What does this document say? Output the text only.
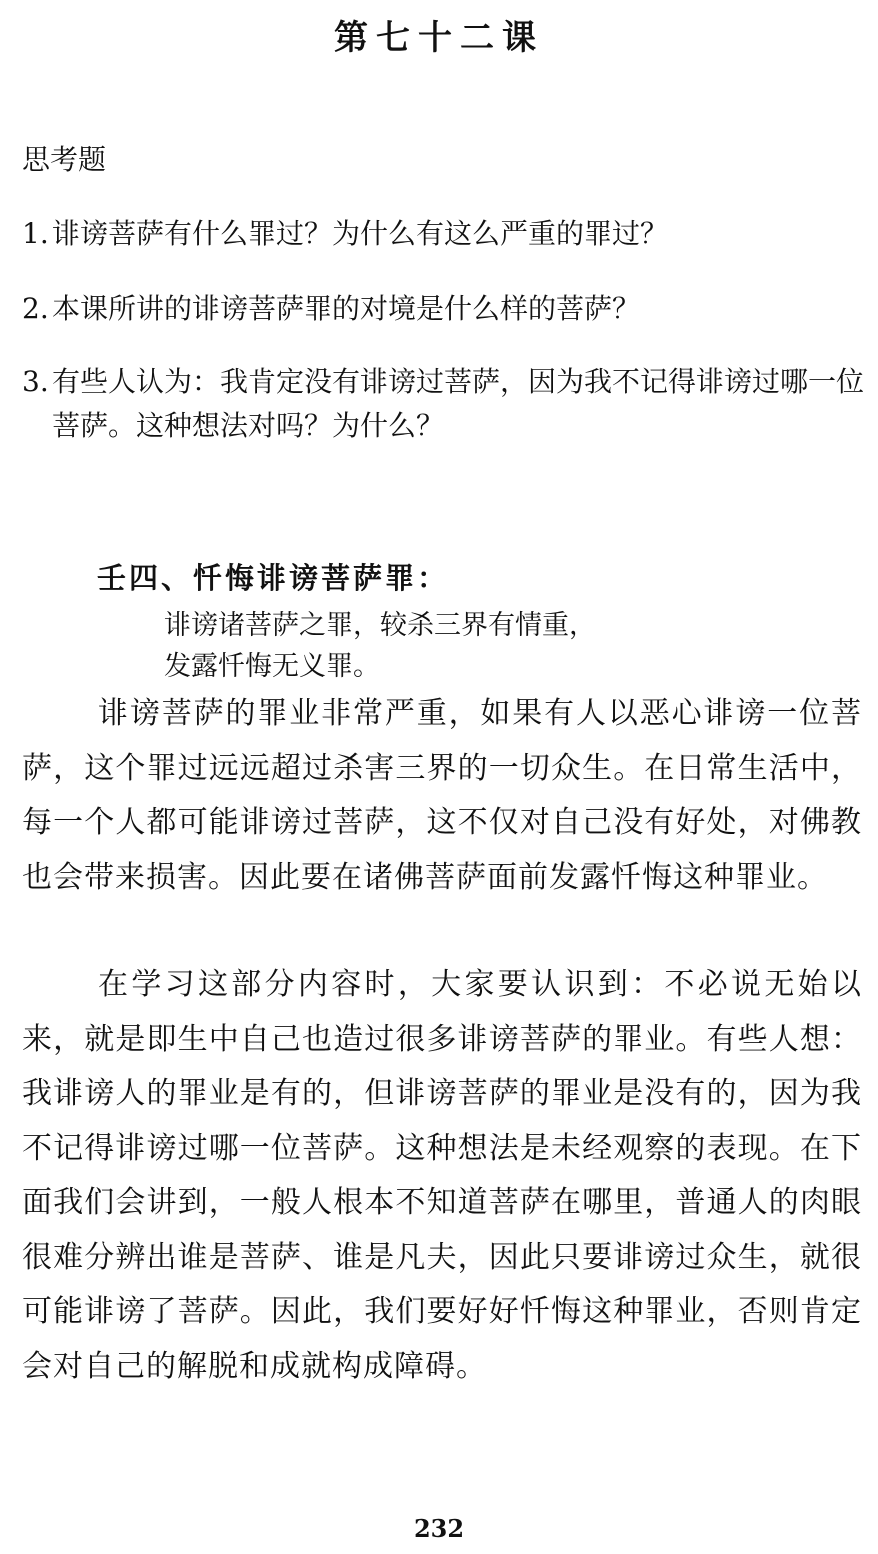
第七十二课
思考题
1. 诽谤菩萨有什么罪过？为什么有这么严重的罪过？
2. 本课所讲的诽谤菩萨罪的对境是什么样的菩萨？
3. 有些人认为：我肯定没有诽谤过菩萨，因为我不记得诽谤过哪一位菩萨。这种想法对吗？为什么？
壬四、忏悔诽谤菩萨罪：
诽谤诸菩萨之罪，较杀三界有情重，
发露忏悔无义罪。
诽谤菩萨的罪业非常严重，如果有人以恶心诽谤一位菩萨，这个罪过远远超过杀害三界的一切众生。在日常生活中，每一个人都可能诽谤过菩萨，这不仅对自己没有好处，对佛教也会带来损害。因此要在诸佛菩萨面前发露忏悔这种罪业。
在学习这部分内容时，大家要认识到：不必说无始以来，就是即生中自己也造过很多诽谤菩萨的罪业。有些人想：我诽谤人的罪业是有的，但诽谤菩萨的罪业是没有的，因为我不记得诽谤过哪一位菩萨。这种想法是未经观察的表现。在下面我们会讲到，一般人根本不知道菩萨在哪里，普通人的肉眼很难分辨出谁是菩萨、谁是凡夫，因此只要诽谤过众生，就很可能诽谤了菩萨。因此，我们要好好忏悔这种罪业，否则肯定会对自己的解脱和成就构成障碍。
232
